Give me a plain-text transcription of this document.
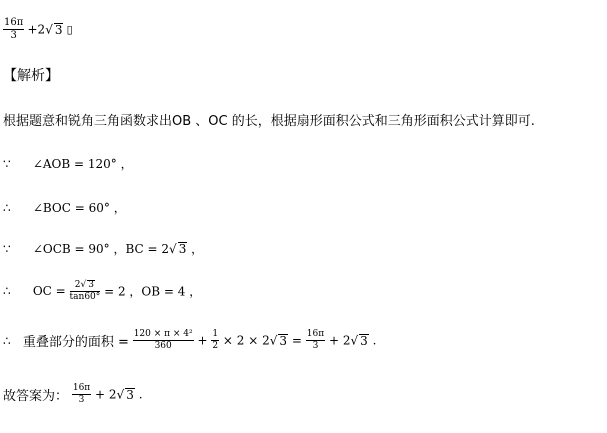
$\frac{16\pi}{3} +2√$ 3 ▯
【解析】
根据题意和锐角三角函数求出OB 、OC 的长，根据扇形面积公式和三角形面积公式计算即可.
∵ ∠AOB = 120° ，
∴ ∠BOC = 60° ，
∵ ∠OCB = 90° ，BC = 2√ 3 ，
∴ OC = $\frac{2√ 3}{\tan 60^\circ} = 2$ ，OB = 4 ，
∴ 重叠部分的面积 = $\frac{\text{120 × π × 4²}}{360} + \frac{1}{2} \times 2 \times 2√$ $3 = \frac{16\pi}{3} + 2√$ 3 .
故答案为： $\frac{16\pi}{3} + 2√$ 3 .
